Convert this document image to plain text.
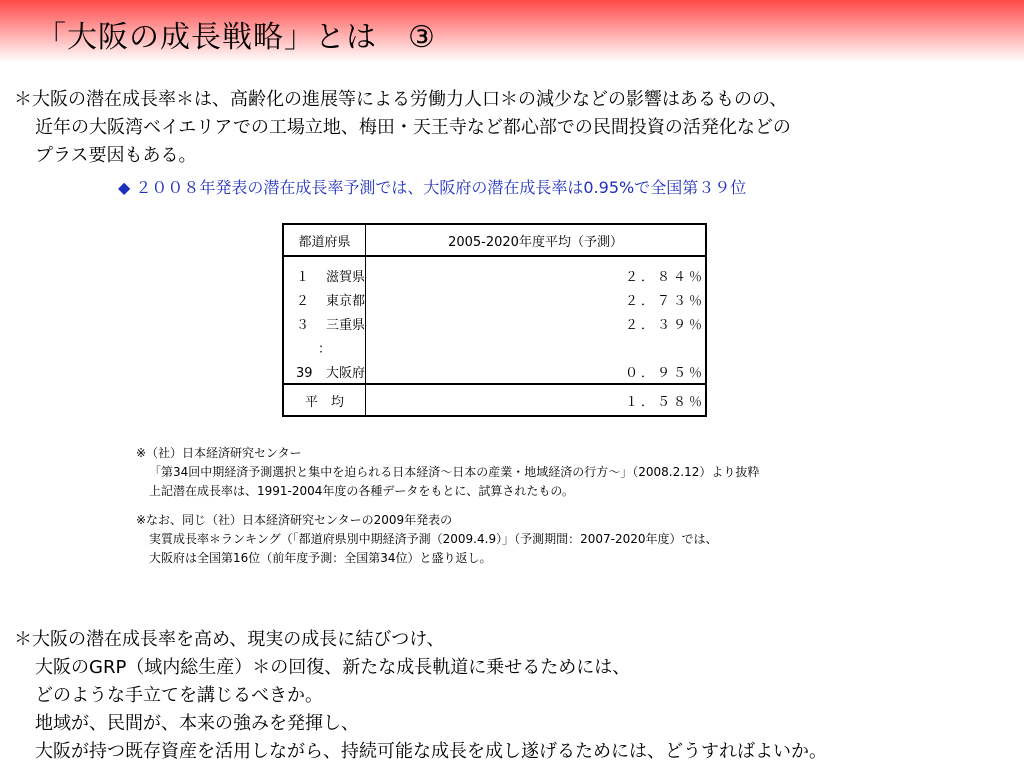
「大阪の成長戦略」とは　③
＊大阪の潜在成長率＊は、高齢化の進展等による労働力人口＊の減少などの影響はあるものの、
近年の大阪湾ベイエリアでの工場立地、梅田・天王寺など都心部での民間投資の活発化などの
プラス要因もある。
◆ ２００８年発表の潜在成長率予測では、大阪府の潜在成長率は0.95%で全国第３９位
都道府県	2005-2020年度平均（予測）
１ 滋賀県	２．８４％
２ 東京都	２．７３％
３ 三重県	２．３９％
：	
39 大阪府	０．９５％
平　均	１．５８％
※（社）日本経済研究センター
「第34回中期経済予測選択と集中を迫られる日本経済～日本の産業・地域経済の行方～」（2008.2.12）より抜粋
上記潜在成長率は、1991-2004年度の各種データをもとに、試算されたもの。
※なお、同じ（社）日本経済研究センターの2009年発表の
実質成長率＊ランキング（「都道府県別中期経済予測（2009.4.9）」（予測期間：2007-2020年度）では、
大阪府は全国第16位（前年度予測：全国第34位）と盛り返し。
＊大阪の潜在成長率を高め、現実の成長に結びつけ、
大阪のGRP（域内総生産）＊の回復、新たな成長軌道に乗せるためには、
どのような手立てを講じるべきか。
地域が、民間が、本来の強みを発揮し、
大阪が持つ既存資産を活用しながら、持続可能な成長を成し遂げるためには、どうすればよいか。
